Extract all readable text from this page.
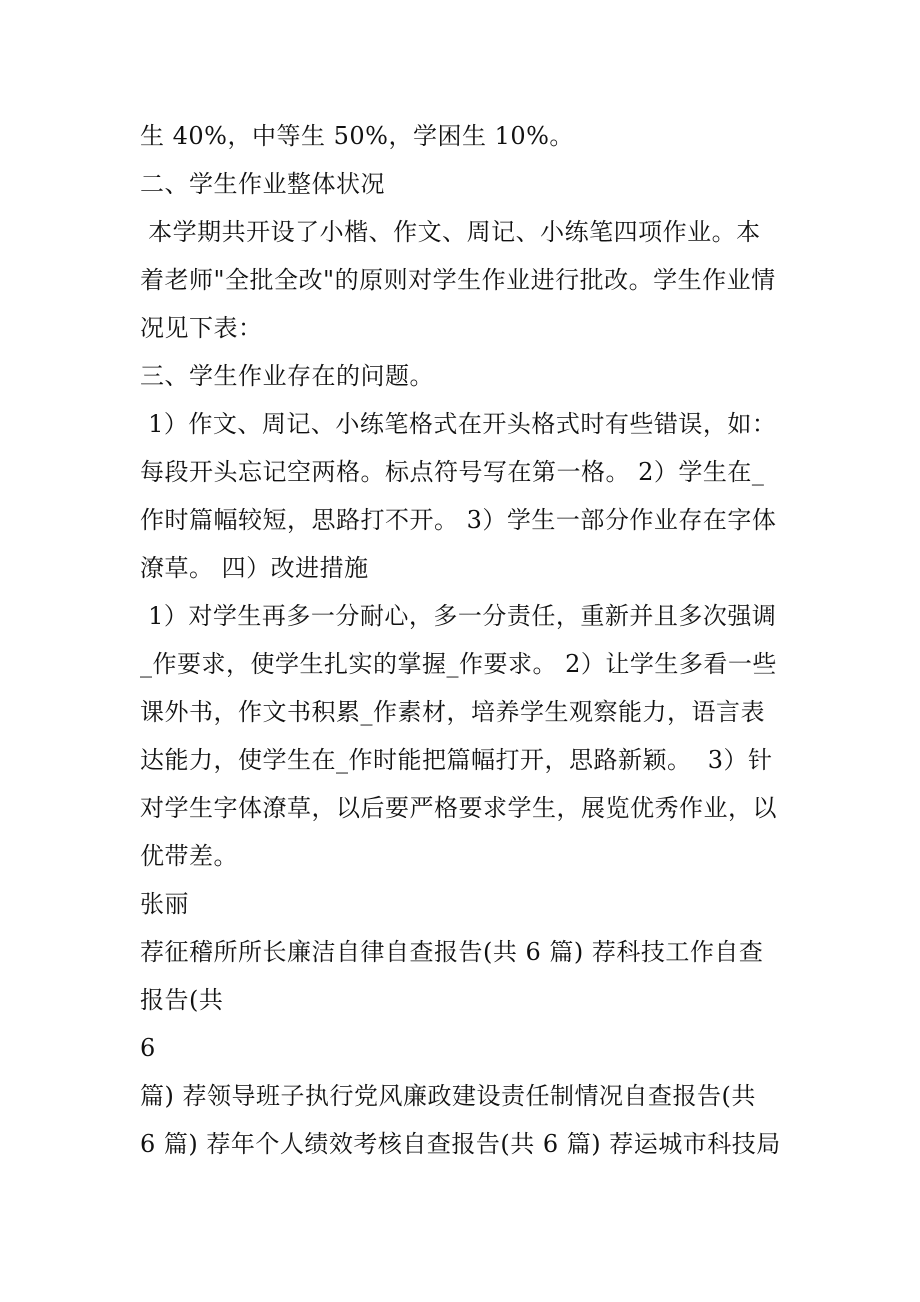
生 40%，中等生 50%，学困生 10%。
二、学生作业整体状况
本学期共开设了小楷、作文、周记、小练笔四项作业。本
着老师"全批全改"的原则对学生作业进行批改。学生作业情
况见下表：
三、学生作业存在的问题。
1）作文、周记、小练笔格式在开头格式时有些错误，如：
每段开头忘记空两格。标点符号写在第一格。 2）学生在_
作时篇幅较短，思路打不开。 3）学生一部分作业存在字体
潦草。 四）改进措施
1）对学生再多一分耐心，多一分责任，重新并且多次强调
_作要求，使学生扎实的掌握_作要求。 2）让学生多看一些
课外书，作文书积累_作素材，培养学生观察能力，语言表
达能力，使学生在_作时能把篇幅打开，思路新颖。  3）针
对学生字体潦草，以后要严格要求学生，展览优秀作业，以
优带差。
张丽
荐征稽所所长廉洁自律自查报告(共 6 篇) 荐科技工作自查
报告(共
6
篇) 荐领导班子执行党风廉政建设责任制情况自查报告(共
6 篇) 荐年个人绩效考核自查报告(共 6 篇) 荐运城市科技局
